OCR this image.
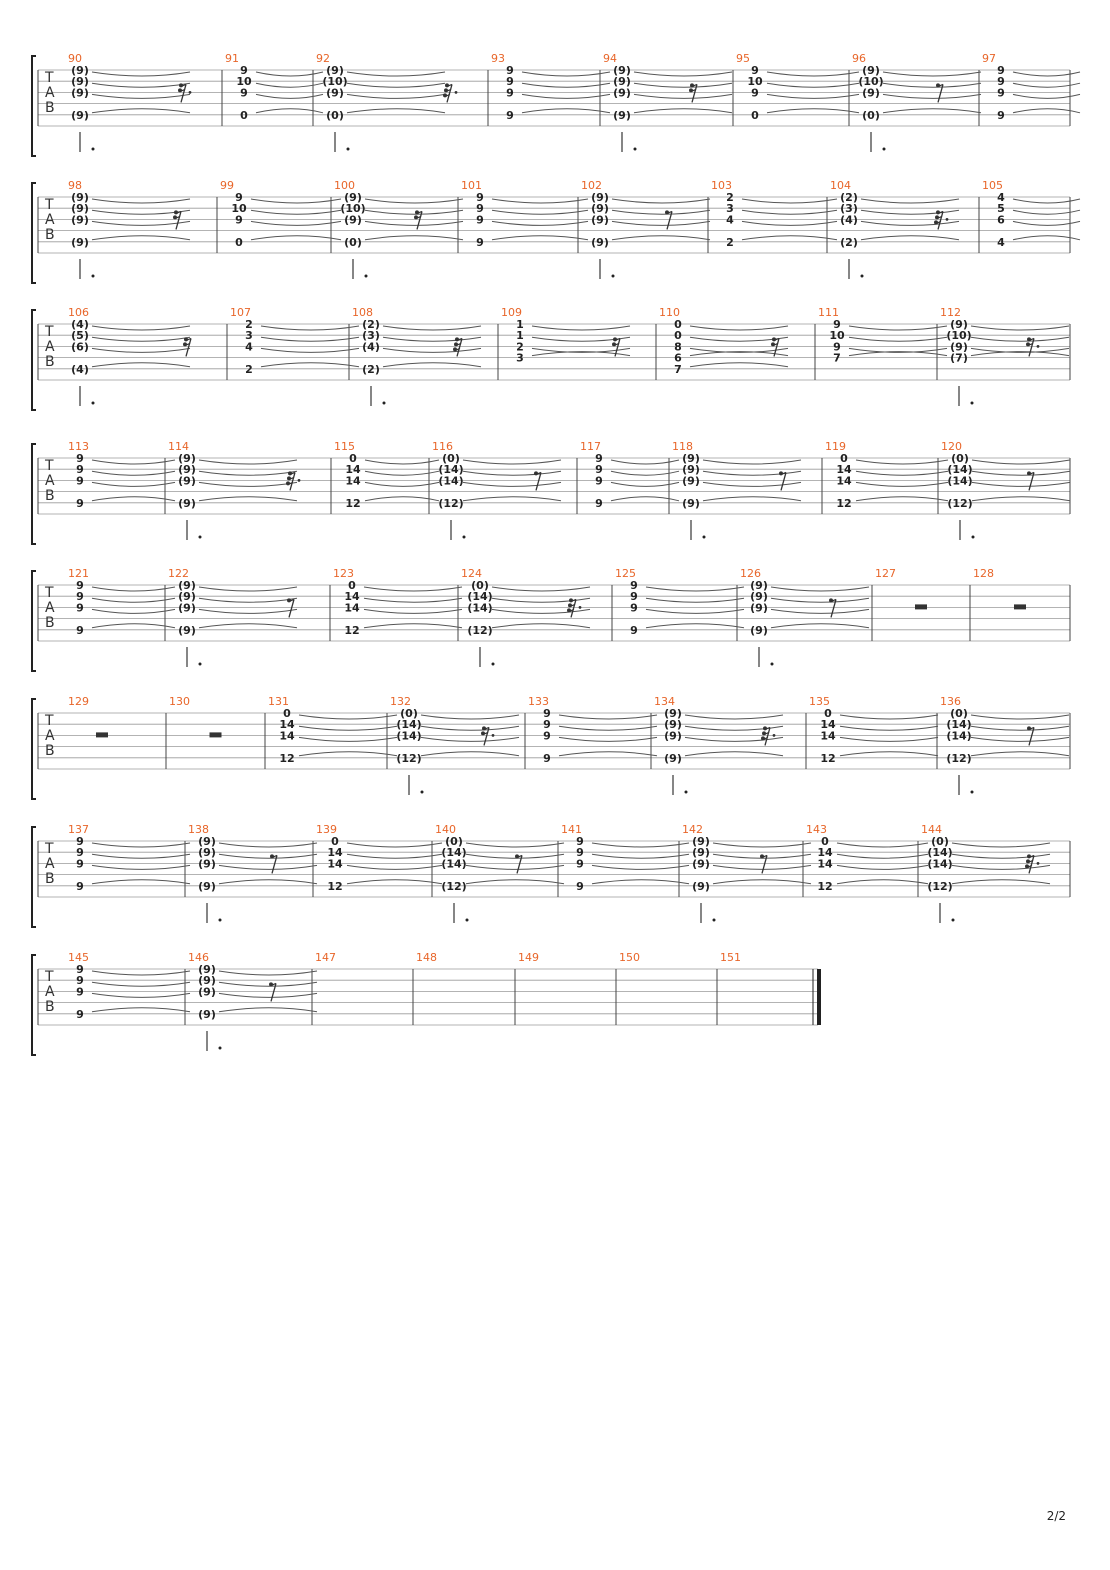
T
A
B
90
(9)
(9)
(9)
(9)
91
9
10
9
0
92
(9)
(10)
(9)
(0)
93
9
9
9
9
94
(9)
(9)
(9)
(9)
95
9
10
9
0
96
(9)
(10)
(9)
(0)
97
9
9
9
9
T
A
B
98
(9)
(9)
(9)
(9)
99
9
10
9
0
100
(9)
(10)
(9)
(0)
101
9
9
9
9
102
(9)
(9)
(9)
(9)
103
2
3
4
2
104
(2)
(3)
(4)
(2)
105
4
5
6
4
T
A
B
106
(4)
(5)
(6)
(4)
107
2
3
4
2
108
(2)
(3)
(4)
(2)
109
1
1
2
3
110
0
0
8
6
7
111
9
10
9
7
112
(9)
(10)
(9)
(7)
T
A
B
113
9
9
9
9
114
(9)
(9)
(9)
(9)
115
0
14
14
12
116
(0)
(14)
(14)
(12)
117
9
9
9
9
118
(9)
(9)
(9)
(9)
119
0
14
14
12
120
(0)
(14)
(14)
(12)
T
A
B
121
9
9
9
9
122
(9)
(9)
(9)
(9)
123
0
14
14
12
124
(0)
(14)
(14)
(12)
125
9
9
9
9
126
(9)
(9)
(9)
(9)
127	128
T
A
B
129	130	131
0
14
14
12
132
(0)
(14)
(14)
(12)
133
9
9
9
9
134
(9)
(9)
(9)
(9)
135
0
14
14
12
136
(0)
(14)
(14)
(12)
T
A
B
137
9
9
9
9
138
(9)
(9)
(9)
(9)
139
0
14
14
12
140
(0)
(14)
(14)
(12)
141
9
9
9
9
142
(9)
(9)
(9)
(9)
143
0
14
14
12
144
(0)
(14)
(14)
(12)
T
A
B
145
9
9
9
9
146
(9)
(9)
(9)
(9)
147	148	149	150	151
2/2
